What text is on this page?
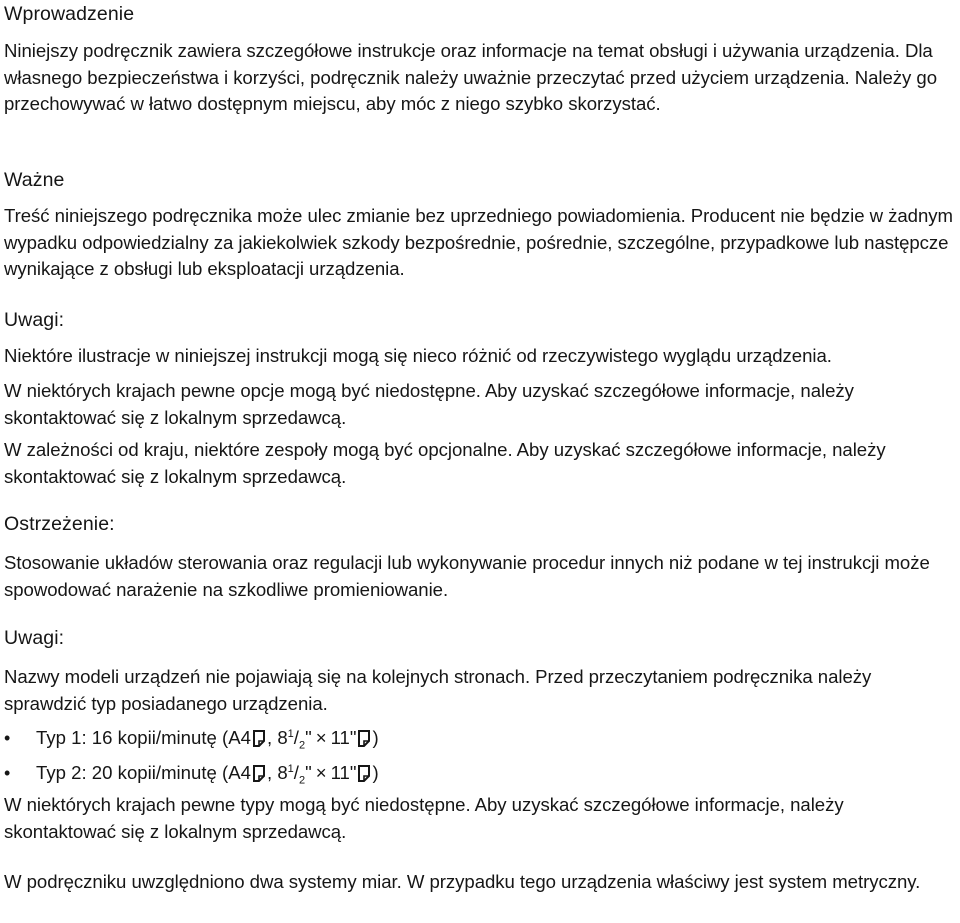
Wprowadzenie

Niniejszy podręcznik zawiera szczegółowe instrukcje oraz informacje na temat obsługi i używania urządzenia. Dla własnego bezpieczeństwa i korzyści, podręcznik należy uważnie przeczytać przed użyciem urządzenia. Należy go przechowywać w łatwo dostępnym miejscu, aby móc z niego szybko skorzystać.

Ważne

Treść niniejszego podręcznika może ulec zmianie bez uprzedniego powiadomienia. Producent nie będzie w żadnym wypadku odpowiedzialny za jakiekolwiek szkody bezpośrednie, pośrednie, szczególne, przypadkowe lub następcze wynikające z obsługi lub eksploatacji urządzenia.

Uwagi:

Niektóre ilustracje w niniejszej instrukcji mogą się nieco różnić od rzeczywistego wyglądu urządzenia.

W niektórych krajach pewne opcje mogą być niedostępne. Aby uzyskać szczegółowe informacje, należy skontaktować się z lokalnym sprzedawcą.

W zależności od kraju, niektóre zespoły mogą być opcjonalne. Aby uzyskać szczegółowe informacje, należy skontaktować się z lokalnym sprzedawcą.

Ostrzeżenie:

Stosowanie układów sterowania oraz regulacji lub wykonywanie procedur innych niż podane w tej instrukcji może spowodować narażenie na szkodliwe promieniowanie.

Uwagi:

Nazwy modeli urządzeń nie pojawiają się na kolejnych stronach. Przed przeczytaniem podręcznika należy sprawdzić typ posiadanego urządzenia.

• Typ 1: 16 kopii/minutę (A4 , $8^1/_2$" × 11" )
• Typ 2: 20 kopii/minutę (A4 , $8^1/_2$" × 11" )

W niektórych krajach pewne typy mogą być niedostępne. Aby uzyskać szczegółowe informacje, należy skontaktować się z lokalnym sprzedawcą.

W podręczniku uwzględniono dwa systemy miar. W przypadku tego urządzenia właściwy jest system metryczny.
